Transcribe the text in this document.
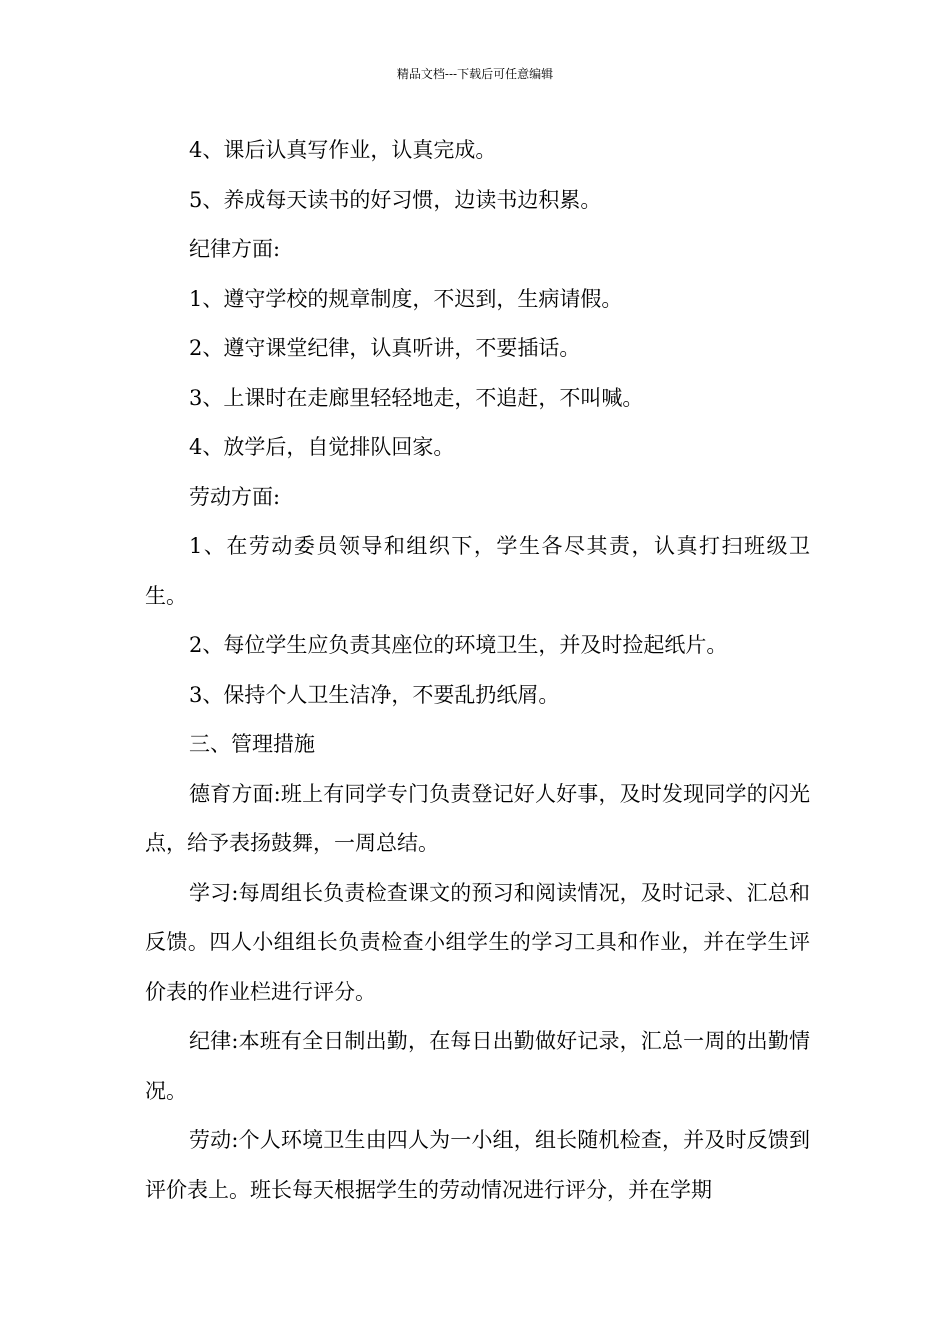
精品文档---下载后可任意编辑

4、课后认真写作业，认真完成。

5、养成每天读书的好习惯，边读书边积累。

纪律方面:

1、遵守学校的规章制度，不迟到，生病请假。

2、遵守课堂纪律，认真听讲，不要插话。

3、上课时在走廊里轻轻地走，不追赶，不叫喊。

4、放学后，自觉排队回家。

劳动方面:

1、在劳动委员领导和组织下，学生各尽其责，认真打扫班级卫生。

2、每位学生应负责其座位的环境卫生，并及时捡起纸片。

3、保持个人卫生洁净，不要乱扔纸屑。

三、管理措施

德育方面:班上有同学专门负责登记好人好事，及时发现同学的闪光点，给予表扬鼓舞，一周总结。

学习:每周组长负责检查课文的预习和阅读情况，及时记录、汇总和反馈。四人小组组长负责检查小组学生的学习工具和作业，并在学生评价表的作业栏进行评分。

纪律:本班有全日制出勤，在每日出勤做好记录，汇总一周的出勤情况。

劳动:个人环境卫生由四人为一小组，组长随机检查，并及时反馈到评价表上。班长每天根据学生的劳动情况进行评分，并在学期
